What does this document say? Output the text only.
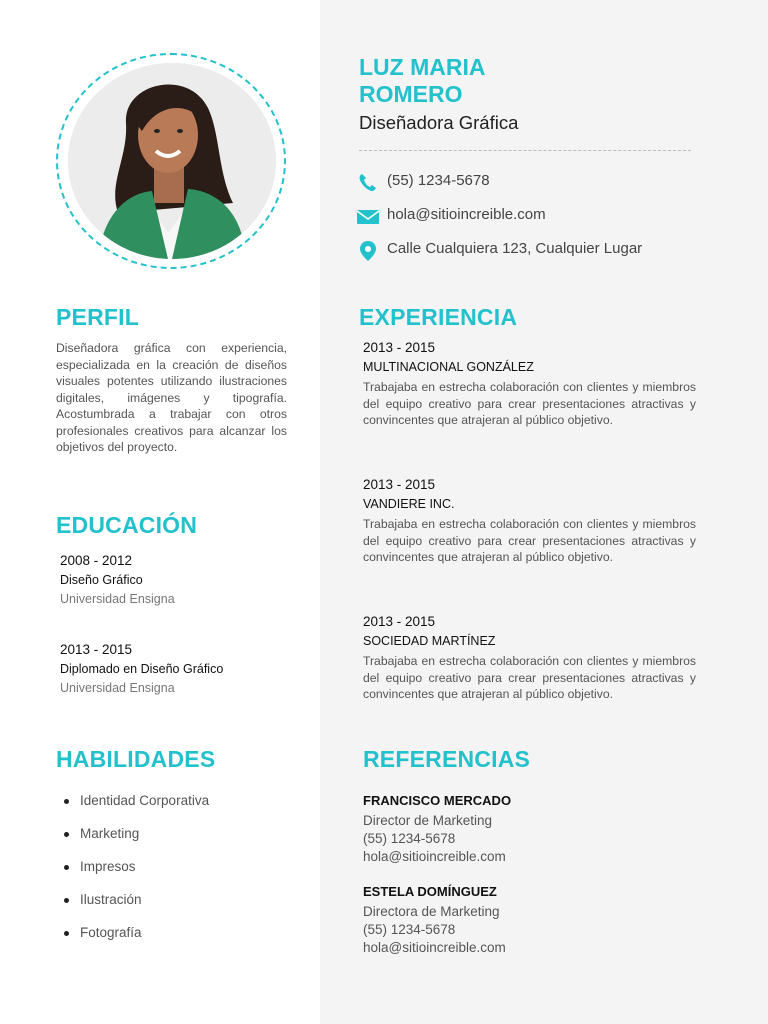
PERFIL
Diseñadora gráfica con experiencia, especializada en la creación de diseños visuales potentes utilizando ilustraciones digitales, imágenes y tipografía. Acostumbrada a trabajar con otros profesionales creativos para alcanzar los objetivos del proyecto.
EDUCACIÓN
2008 - 2012
Diseño Gráfico
Universidad Ensigna
2013 - 2015
Diplomado en Diseño Gráfico
Universidad Ensigna
HABILIDADES
Identidad Corporativa
Marketing
Impresos
Ilustración
Fotografía
LUZ MARIA
ROMERO
Diseñadora Gráfica
(55) 1234-5678
hola@sitioincreible.com
Calle Cualquiera 123, Cualquier Lugar
EXPERIENCIA
2013 - 2015
MULTINACIONAL GONZÁLEZ
Trabajaba en estrecha colaboración con clientes y miembros del equipo creativo para crear presentaciones atractivas y convincentes que atrajeran al público objetivo.
2013 - 2015
VANDIERE INC.
Trabajaba en estrecha colaboración con clientes y miembros del equipo creativo para crear presentaciones atractivas y convincentes que atrajeran al público objetivo.
2013 - 2015
SOCIEDAD MARTÍNEZ
Trabajaba en estrecha colaboración con clientes y miembros del equipo creativo para crear presentaciones atractivas y convincentes que atrajeran al público objetivo.
REFERENCIAS
FRANCISCO MERCADO
Director de Marketing
(55) 1234-5678
hola@sitioincreible.com
ESTELA DOMÍNGUEZ
Directora de Marketing
(55) 1234-5678
hola@sitioincreible.com
